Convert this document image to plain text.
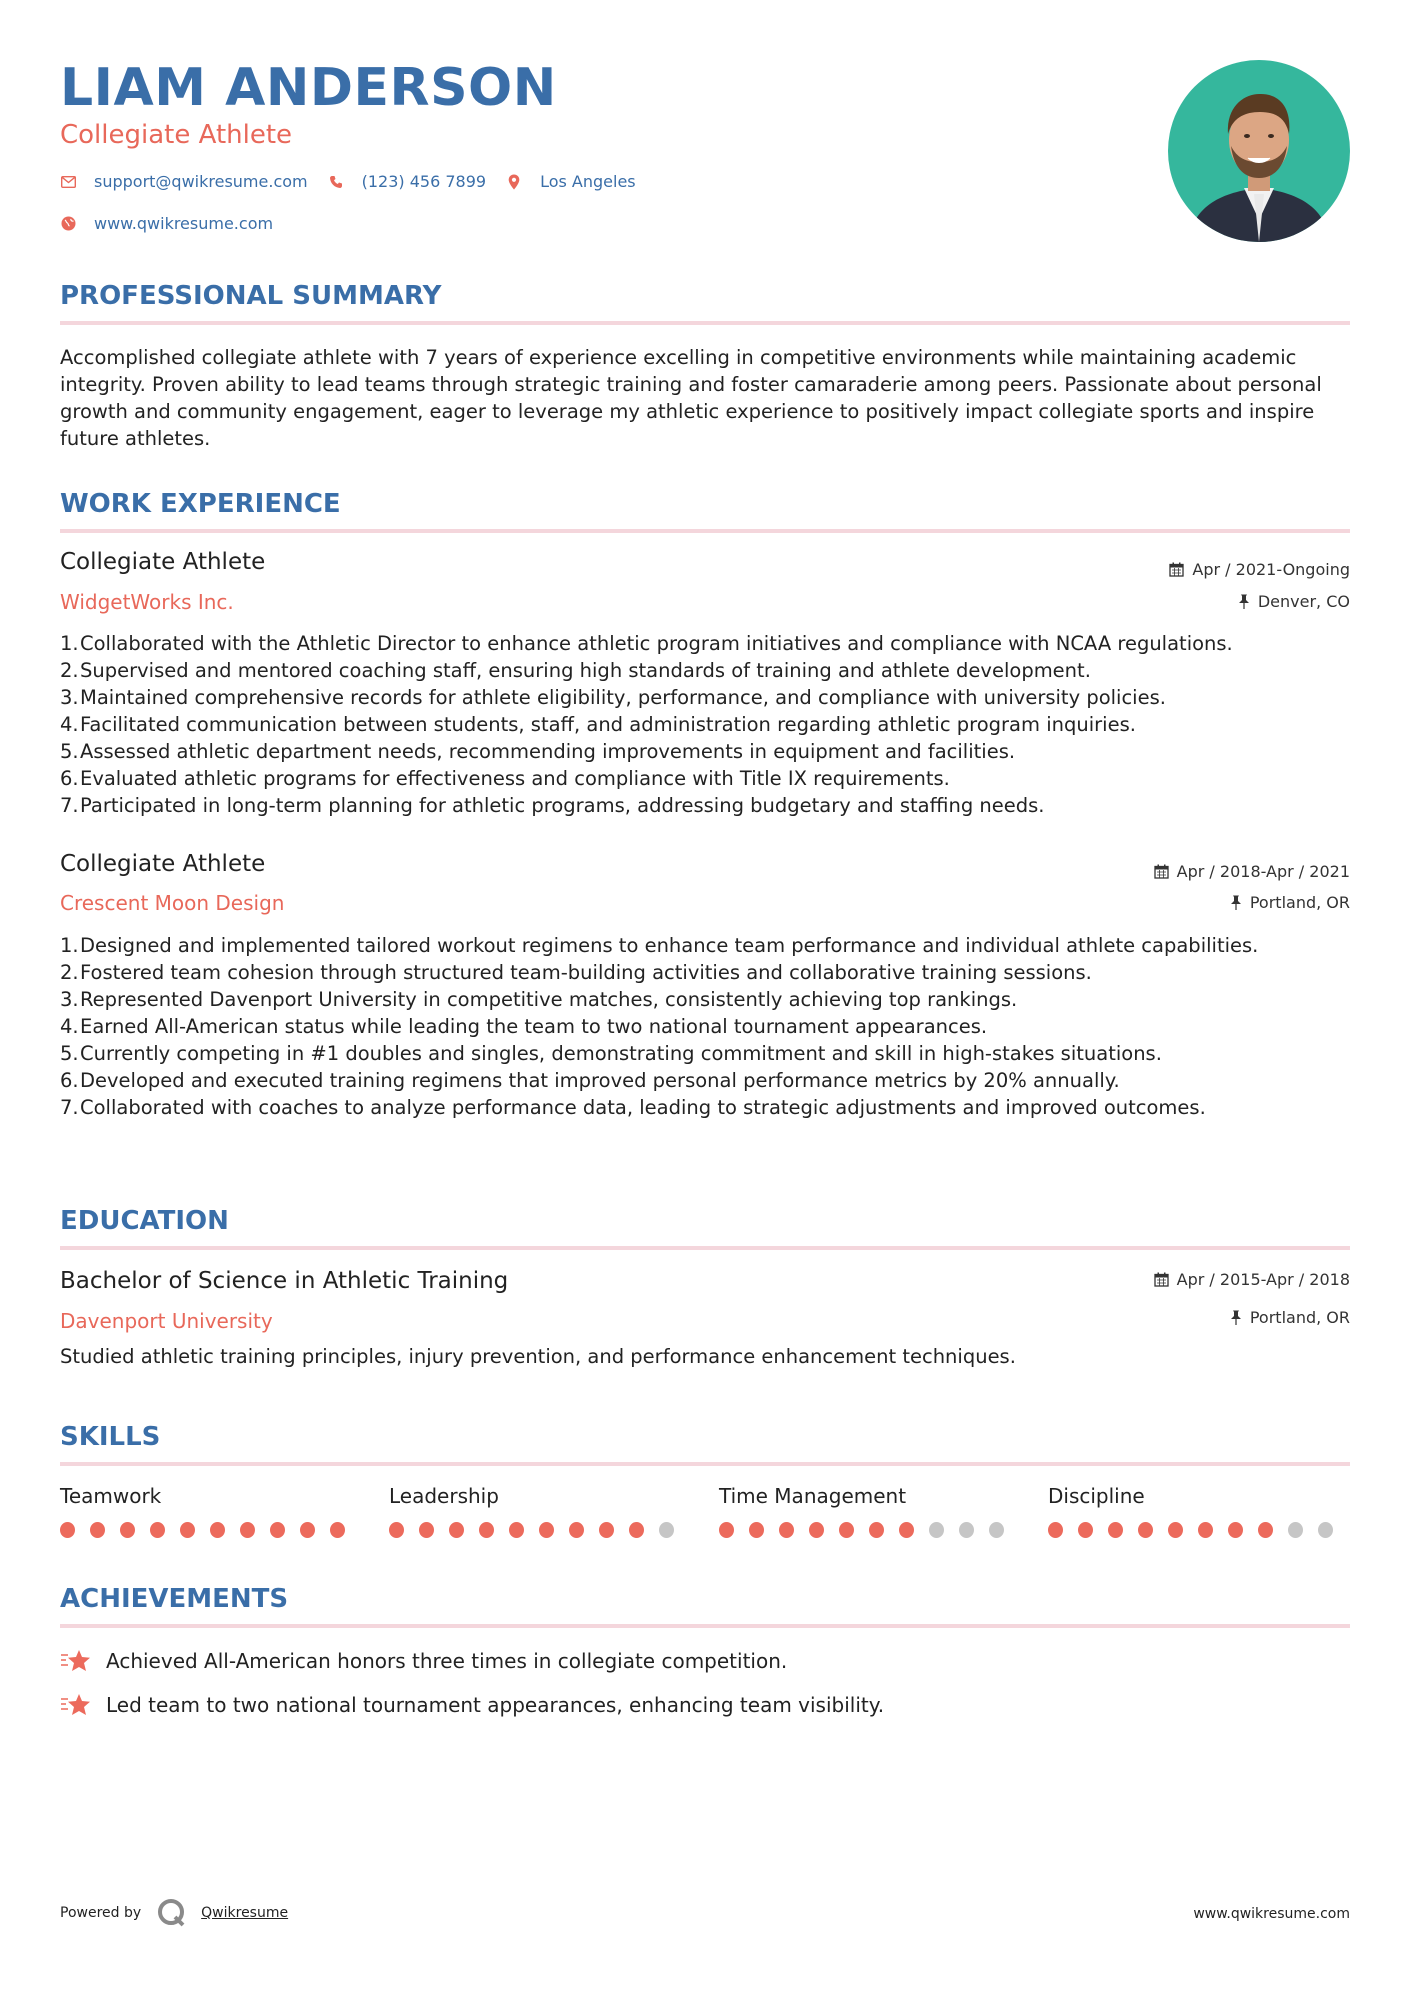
LIAM ANDERSON
Collegiate Athlete
support@qwikresume.com	(123) 456 7899	Los Angeles
www.qwikresume.com
PROFESSIONAL SUMMARY
Accomplished collegiate athlete with 7 years of experience excelling in competitive environments while maintaining academic integrity. Proven ability to lead teams through strategic training and foster camaraderie among peers. Passionate about personal growth and community engagement, eager to leverage my athletic experience to positively impact collegiate sports and inspire future athletes.
WORK EXPERIENCE
Collegiate Athlete
WidgetWorks Inc.
Apr / 2021-Ongoing
Denver, CO
1. Collaborated with the Athletic Director to enhance athletic program initiatives and compliance with NCAA regulations.
2. Supervised and mentored coaching staff, ensuring high standards of training and athlete development.
3. Maintained comprehensive records for athlete eligibility, performance, and compliance with university policies.
4. Facilitated communication between students, staff, and administration regarding athletic program inquiries.
5. Assessed athletic department needs, recommending improvements in equipment and facilities.
6. Evaluated athletic programs for effectiveness and compliance with Title IX requirements.
7. Participated in long-term planning for athletic programs, addressing budgetary and staffing needs.
Collegiate Athlete
Crescent Moon Design
Apr / 2018-Apr / 2021
Portland, OR
1. Designed and implemented tailored workout regimens to enhance team performance and individual athlete capabilities.
2. Fostered team cohesion through structured team-building activities and collaborative training sessions.
3. Represented Davenport University in competitive matches, consistently achieving top rankings.
4. Earned All-American status while leading the team to two national tournament appearances.
5. Currently competing in #1 doubles and singles, demonstrating commitment and skill in high-stakes situations.
6. Developed and executed training regimens that improved personal performance metrics by 20% annually.
7. Collaborated with coaches to analyze performance data, leading to strategic adjustments and improved outcomes.
EDUCATION
Bachelor of Science in Athletic Training
Davenport University
Apr / 2015-Apr / 2018
Portland, OR
Studied athletic training principles, injury prevention, and performance enhancement techniques.
SKILLS
Teamwork	Leadership	Time Management	Discipline
ACHIEVEMENTS
Achieved All-American honors three times in collegiate competition.
Led team to two national tournament appearances, enhancing team visibility.
Powered by	Qwikresume	www.qwikresume.com
